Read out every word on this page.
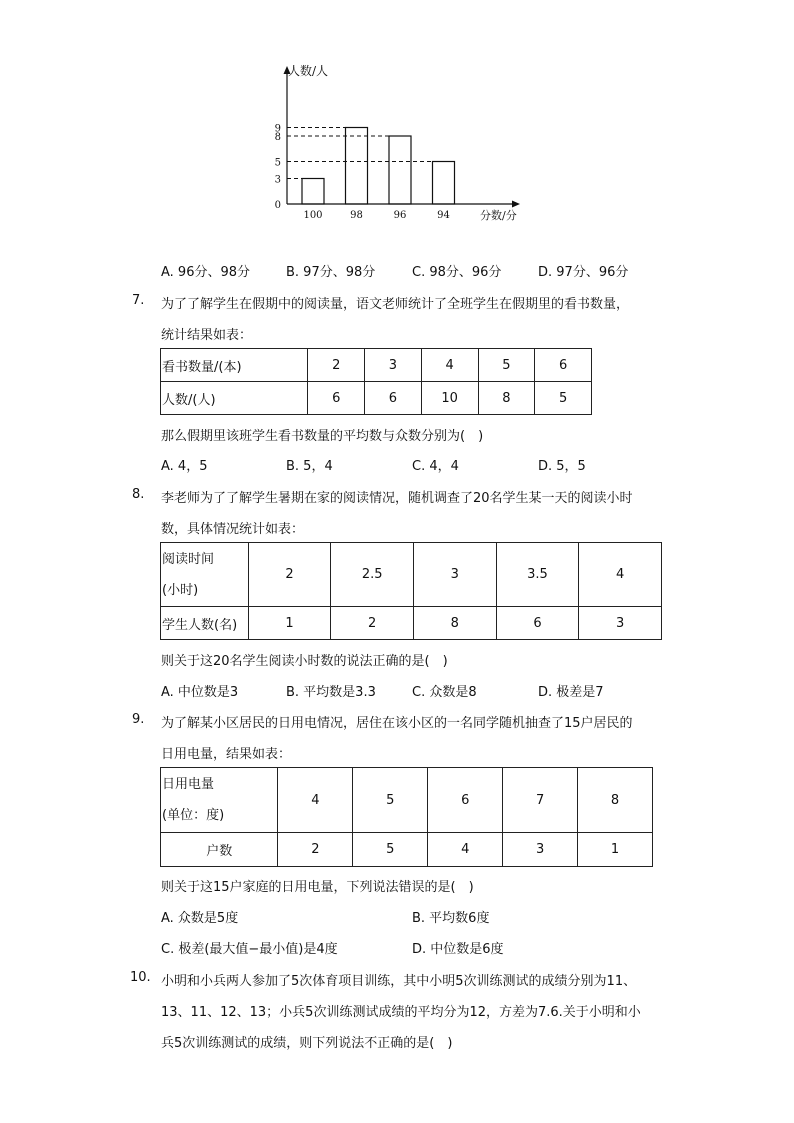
人数/人
分数/分
0
3
5
8
9
100	98	96	94
A. 96分、98分	B. 97分、98分	C. 98分、96分	D. 97分、96分
7. 为了了解学生在假期中的阅读量，语文老师统计了全班学生在假期里的看书数量，
统计结果如表：
看书数量/(本)	2	3	4	5	6
人数/(人)	6	6	10	8	5
那么假期里该班学生看书数量的平均数与众数分别为(　)
A. 4，5	B. 5，4	C. 4，4	D. 5，5
8. 李老师为了了解学生暑期在家的阅读情况，随机调查了20名学生某一天的阅读小时
数，具体情况统计如表：
阅读时间
(小时)	2	2.5	3	3.5	4
学生人数(名)	1	2	8	6	3
则关于这20名学生阅读小时数的说法正确的是(　)
A. 中位数是3	B. 平均数是3.3	C. 众数是8	D. 极差是7
9. 为了解某小区居民的日用电情况，居住在该小区的一名同学随机抽查了15户居民的
日用电量，结果如表：
日用电量
(单位：度)	4	5	6	7	8
户数	2	5	4	3	1
则关于这15户家庭的日用电量，下列说法错误的是(　)
A. 众数是5度	B. 平均数6度
C. 极差(最大值−最小值)是4度	D. 中位数是6度
10. 小明和小兵两人参加了5次体育项目训练，其中小明5次训练测试的成绩分别为11、
13、11、12、13；小兵5次训练测试成绩的平均分为12，方差为7.6.关于小明和小
兵5次训练测试的成绩，则下列说法不正确的是(　)
